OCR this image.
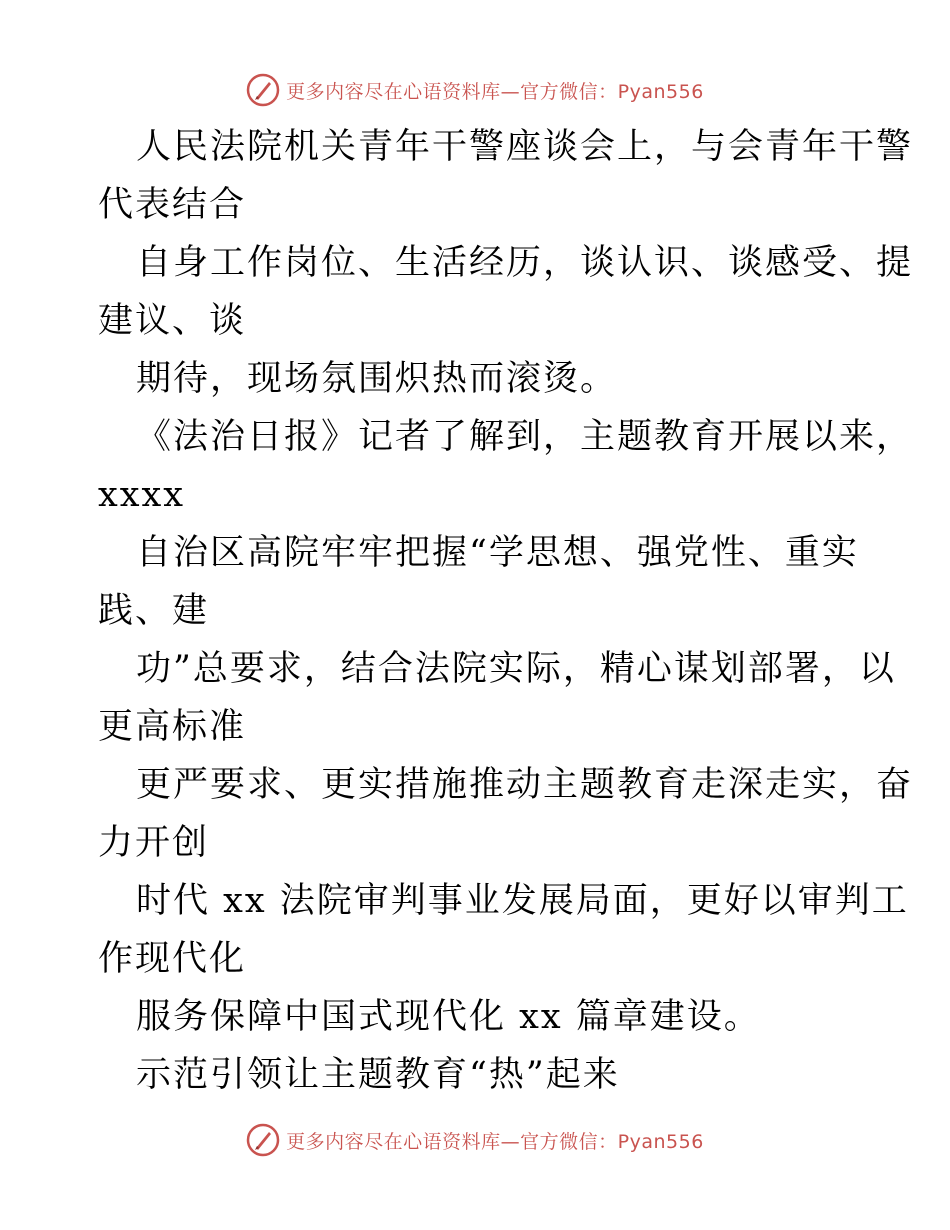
更多内容尽在心语资料库—官方微信：Pyan556
人民法院机关青年干警座谈会上，与会青年干警
代表结合
自身工作岗位、生活经历，谈认识、谈感受、提
建议、谈
期待，现场氛围炽热而滚烫。
《法治日报》记者了解到，主题教育开展以来，
xxxx
自治区高院牢牢把握“学思想、强党性、重实
践、建
功”总要求，结合法院实际，精心谋划部署，以
更高标准
更严要求、更实措施推动主题教育走深走实，奋
力开创
时代 xx 法院审判事业发展局面，更好以审判工
作现代化
服务保障中国式现代化 xx 篇章建设。
示范引领让主题教育“热”起来
更多内容尽在心语资料库—官方微信：Pyan556
